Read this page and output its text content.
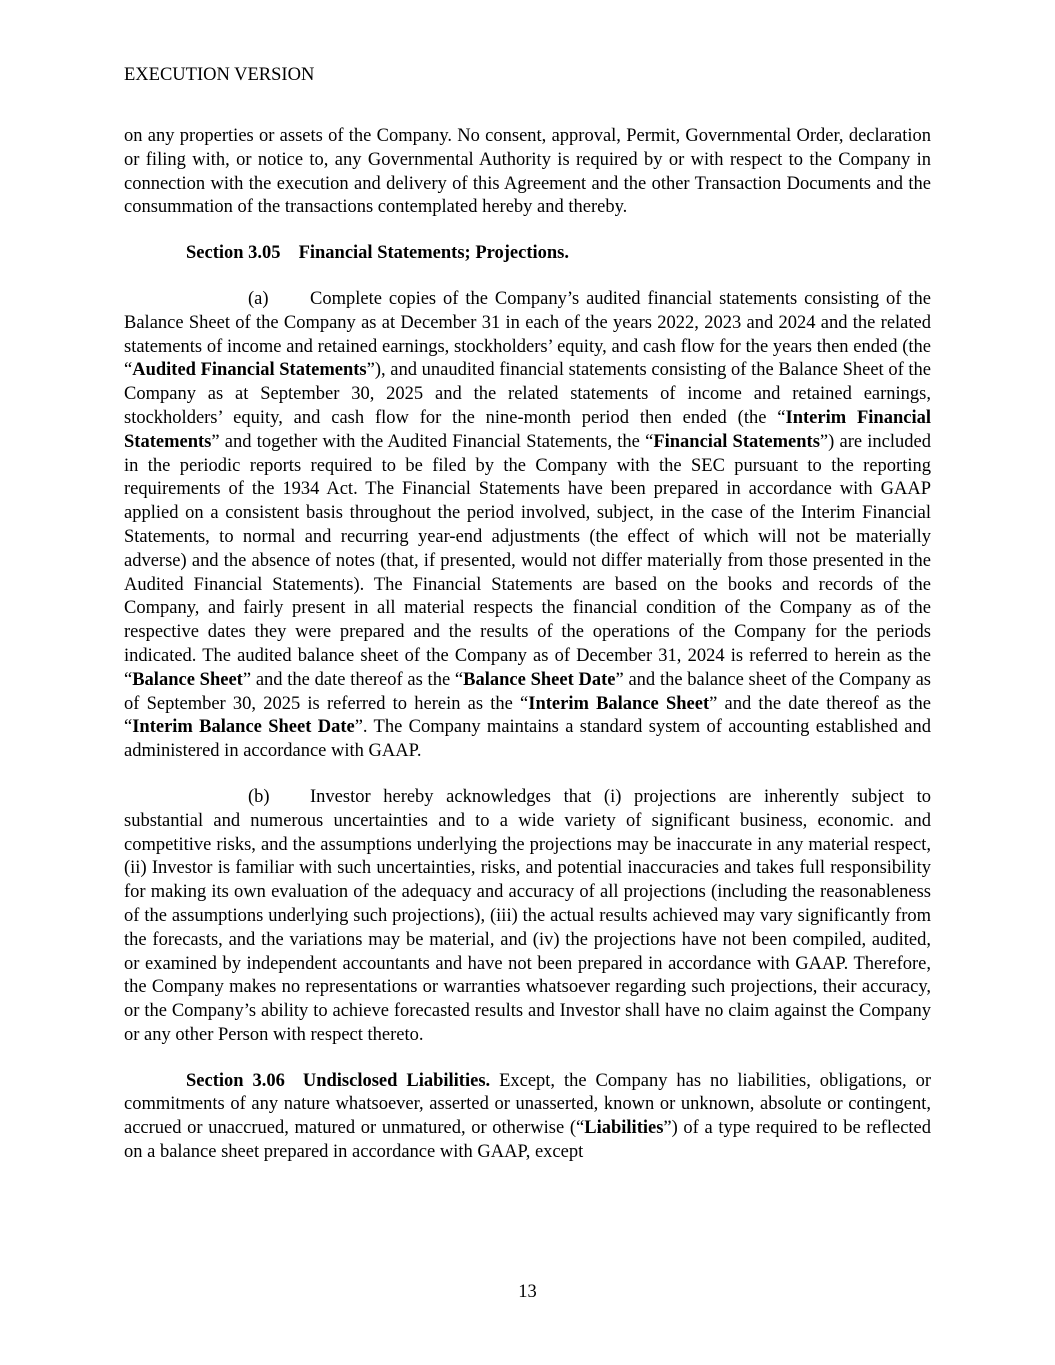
EXECUTION VERSION

on any properties or assets of the Company. No consent, approval, Permit, Governmental Order, declaration or filing with, or notice to, any Governmental Authority is required by or with respect to the Company in connection with the execution and delivery of this Agreement and the other Transaction Documents and the consummation of the transactions contemplated hereby and thereby.

Section 3.05 Financial Statements; Projections.

(a) Complete copies of the Company’s audited financial statements consisting of the Balance Sheet of the Company as at December 31 in each of the years 2022, 2023 and 2024 and the related statements of income and retained earnings, stockholders’ equity, and cash flow for the years then ended (the “Audited Financial Statements”), and unaudited financial statements consisting of the Balance Sheet of the Company as at September 30, 2025 and the related statements of income and retained earnings, stockholders’ equity, and cash flow for the nine-month period then ended (the “Interim Financial Statements” and together with the Audited Financial Statements, the “Financial Statements”) are included in the periodic reports required to be filed by the Company with the SEC pursuant to the reporting requirements of the 1934 Act. The Financial Statements have been prepared in accordance with GAAP applied on a consistent basis throughout the period involved, subject, in the case of the Interim Financial Statements, to normal and recurring year-end adjustments (the effect of which will not be materially adverse) and the absence of notes (that, if presented, would not differ materially from those presented in the Audited Financial Statements). The Financial Statements are based on the books and records of the Company, and fairly present in all material respects the financial condition of the Company as of the respective dates they were prepared and the results of the operations of the Company for the periods indicated. The audited balance sheet of the Company as of December 31, 2024 is referred to herein as the “Balance Sheet” and the date thereof as the “Balance Sheet Date” and the balance sheet of the Company as of September 30, 2025 is referred to herein as the “Interim Balance Sheet” and the date thereof as the “Interim Balance Sheet Date”. The Company maintains a standard system of accounting established and administered in accordance with GAAP.

(b) Investor hereby acknowledges that (i) projections are inherently subject to substantial and numerous uncertainties and to a wide variety of significant business, economic. and competitive risks, and the assumptions underlying the projections may be inaccurate in any material respect, (ii) Investor is familiar with such uncertainties, risks, and potential inaccuracies and takes full responsibility for making its own evaluation of the adequacy and accuracy of all projections (including the reasonableness of the assumptions underlying such projections), (iii) the actual results achieved may vary significantly from the forecasts, and the variations may be material, and (iv) the projections have not been compiled, audited, or examined by independent accountants and have not been prepared in accordance with GAAP. Therefore, the Company makes no representations or warranties whatsoever regarding such projections, their accuracy, or the Company’s ability to achieve forecasted results and Investor shall have no claim against the Company or any other Person with respect thereto.

Section 3.06 Undisclosed Liabilities. Except, the Company has no liabilities, obligations, or commitments of any nature whatsoever, asserted or unasserted, known or unknown, absolute or contingent, accrued or unaccrued, matured or unmatured, or otherwise (“Liabilities”) of a type required to be reflected on a balance sheet prepared in accordance with GAAP, except

13
